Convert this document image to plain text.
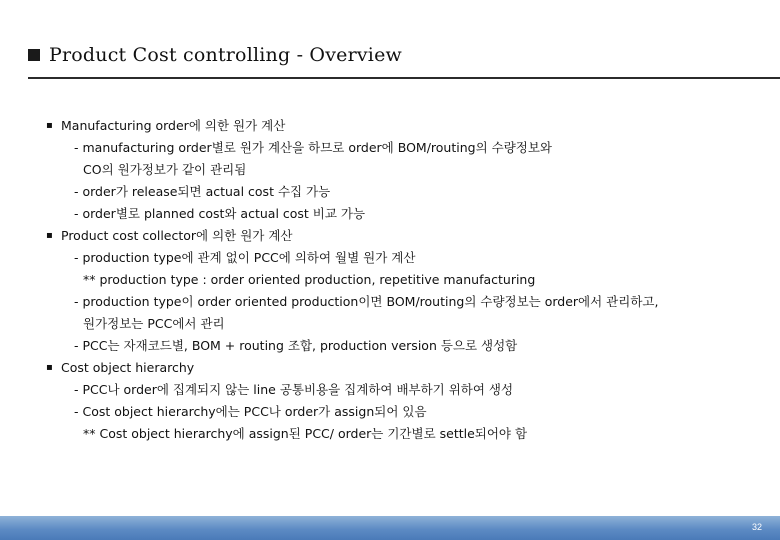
Product Cost controlling - Overview
▪ Manufacturing order에 의한 원가 계산
- manufacturing order별로 원가 계산을 하므로 order에 BOM/routing의 수량정보와
CO의 원가정보가 같이 관리됨
- order가 release되면 actual cost 수집 가능
- order별로 planned cost와 actual cost 비교 가능
▪ Product cost collector에 의한 원가 계산
- production type에 관계 없이 PCC에 의하여 월별 원가 계산
** production type : order oriented production, repetitive manufacturing
- production type이 order oriented production이면 BOM/routing의 수량정보는 order에서 관리하고,
원가정보는 PCC에서 관리
- PCC는 자재코드별, BOM + routing 조합, production version 등으로 생성함
▪ Cost object hierarchy
- PCC나 order에 집계되지 않는 line 공통비용을 집계하여 배부하기 위하여 생성
- Cost object hierarchy에는 PCC나 order가 assign되어 있음
** Cost object hierarchy에 assign된 PCC/ order는 기간별로 settle되어야 함
32
